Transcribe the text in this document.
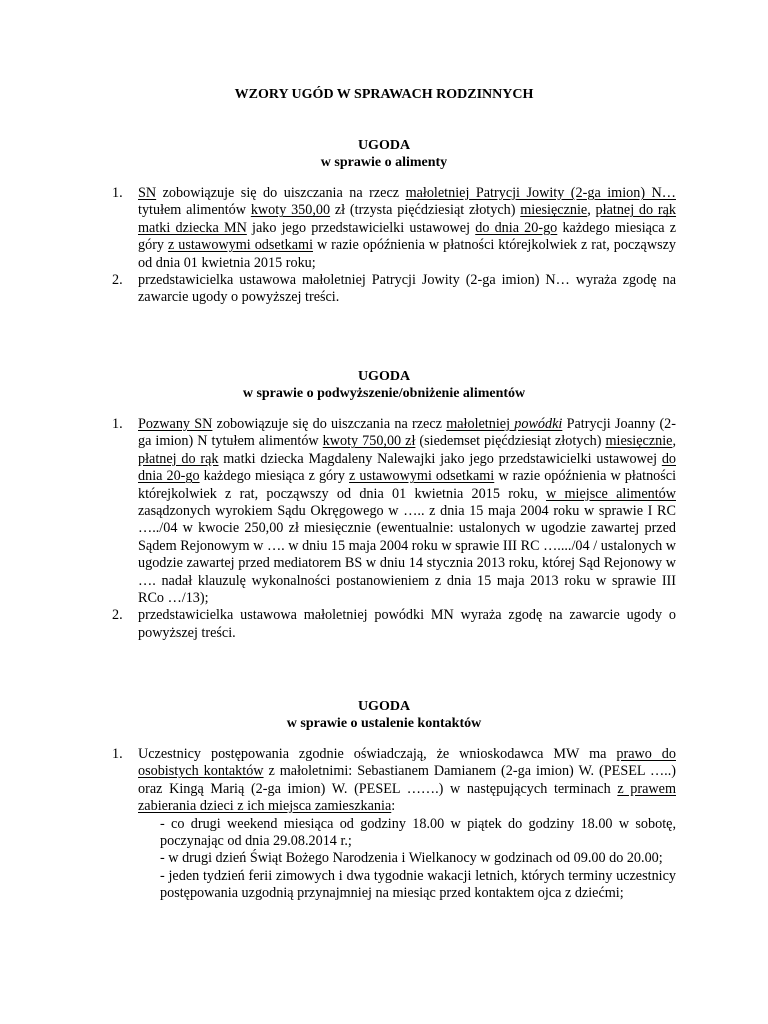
WZORY UGÓD W SPRAWACH RODZINNYCH
UGODA
w sprawie o alimenty
1. SN zobowiązuje się do uiszczania na rzecz małoletniej Patrycji Jowity (2-ga imion) N… tytułem alimentów kwoty 350,00 zł (trzysta pięćdziesiąt złotych) miesięcznie, płatnej do rąk matki dziecka MN jako jego przedstawicielki ustawowej do dnia 20-go każdego miesiąca z góry z ustawowymi odsetkami w razie opóźnienia w płatności którejkolwiek z rat, począwszy od dnia 01 kwietnia 2015 roku;
2. przedstawicielka ustawowa małoletniej Patrycji Jowity (2-ga imion) N… wyraża zgodę na zawarcie ugody o powyższej treści.
UGODA
w sprawie o podwyższenie/obniżenie alimentów
1. Pozwany SN zobowiązuje się do uiszczania na rzecz małoletniej powódki Patrycji Joanny (2-ga imion) N tytułem alimentów kwoty 750,00 zł (siedemset pięćdziesiąt złotych) miesięcznie, płatnej do rąk matki dziecka Magdaleny Nalewajki jako jego przedstawicielki ustawowej do dnia 20-go każdego miesiąca z góry z ustawowymi odsetkami w razie opóźnienia w płatności którejkolwiek z rat, począwszy od dnia 01 kwietnia 2015 roku, w miejsce alimentów zasądzonych wyrokiem Sądu Okręgowego w ….. z dnia 15 maja 2004 roku w sprawie I RC …../04 w kwocie 250,00 zł miesięcznie (ewentualnie: ustalonych w ugodzie zawartej przed Sądem Rejonowym w …. w dniu 15 maja 2004 roku w sprawie III RC …..../04 / ustalonych w ugodzie zawartej przed mediatorem BS w dniu 14 stycznia 2013 roku, której Sąd Rejonowy w …. nadał klauzulę wykonalności postanowieniem z dnia 15 maja 2013 roku w sprawie III RCo …/13);
2. przedstawicielka ustawowa małoletniej powódki MN wyraża zgodę na zawarcie ugody o powyższej treści.
UGODA
w sprawie o ustalenie kontaktów
1. Uczestnicy postępowania zgodnie oświadczają, że wnioskodawca MW ma prawo do osobistych kontaktów z małoletnimi: Sebastianem Damianem (2-ga imion) W. (PESEL …..) oraz Kingą Marią (2-ga imion) W. (PESEL …….) w następujących terminach z prawem zabierania dzieci z ich miejsca zamieszkania:
- co drugi weekend miesiąca od godziny 18.00 w piątek do godziny 18.00 w sobotę, poczynając od dnia 29.08.2014 r.;
- w drugi dzień Świąt Bożego Narodzenia i Wielkanocy w godzinach od 09.00 do 20.00;
- jeden tydzień ferii zimowych i dwa tygodnie wakacji letnich, których terminy uczestnicy postępowania uzgodnią przynajmniej na miesiąc przed kontaktem ojca z dziećmi;
